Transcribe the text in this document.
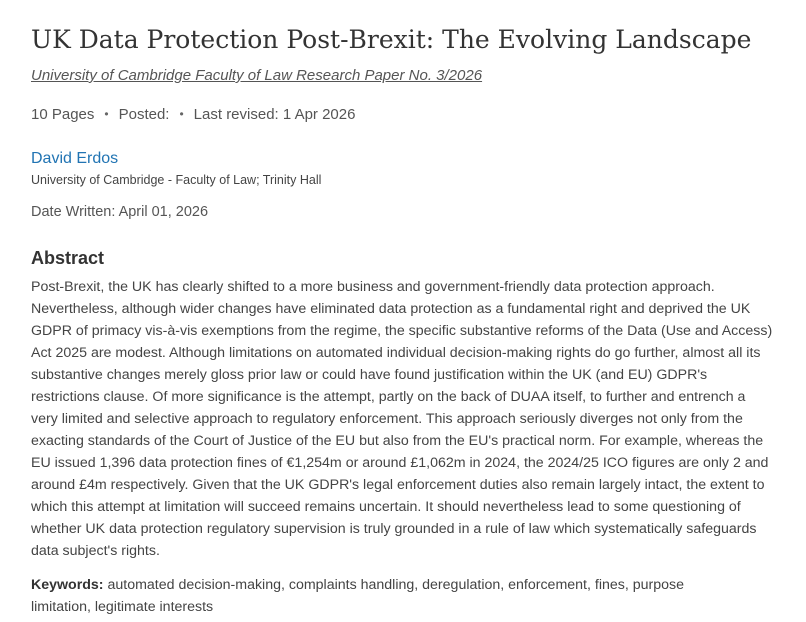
UK Data Protection Post-Brexit: The Evolving Landscape
University of Cambridge Faculty of Law Research Paper No. 3/2026
10 Pages • Posted: • Last revised: 1 Apr 2026
David Erdos
University of Cambridge - Faculty of Law; Trinity Hall
Date Written: April 01, 2026
Abstract

Post-Brexit, the UK has clearly shifted to a more business and government-friendly data protection approach. Nevertheless, although wider changes have eliminated data protection as a fundamental right and deprived the UK GDPR of primacy vis-à-vis exemptions from the regime, the specific substantive reforms of the Data (Use and Access) Act 2025 are modest. Although limitations on automated individual decision-making rights do go further, almost all its substantive changes merely gloss prior law or could have found justification within the UK (and EU) GDPR's restrictions clause. Of more significance is the attempt, partly on the back of DUAA itself, to further and entrench a very limited and selective approach to regulatory enforcement. This approach seriously diverges not only from the exacting standards of the Court of Justice of the EU but also from the EU's practical norm. For example, whereas the EU issued 1,396 data protection fines of €1,254m or around £1,062m in 2024, the 2024/25 ICO figures are only 2 and around £4m respectively. Given that the UK GDPR's legal enforcement duties also remain largely intact, the extent to which this attempt at limitation will succeed remains uncertain. It should nevertheless lead to some questioning of whether UK data protection regulatory supervision is truly grounded in a rule of law which systematically safeguards data subject's rights.

Keywords: automated decision-making, complaints handling, deregulation, enforcement, fines, purpose limitation, legitimate interests
